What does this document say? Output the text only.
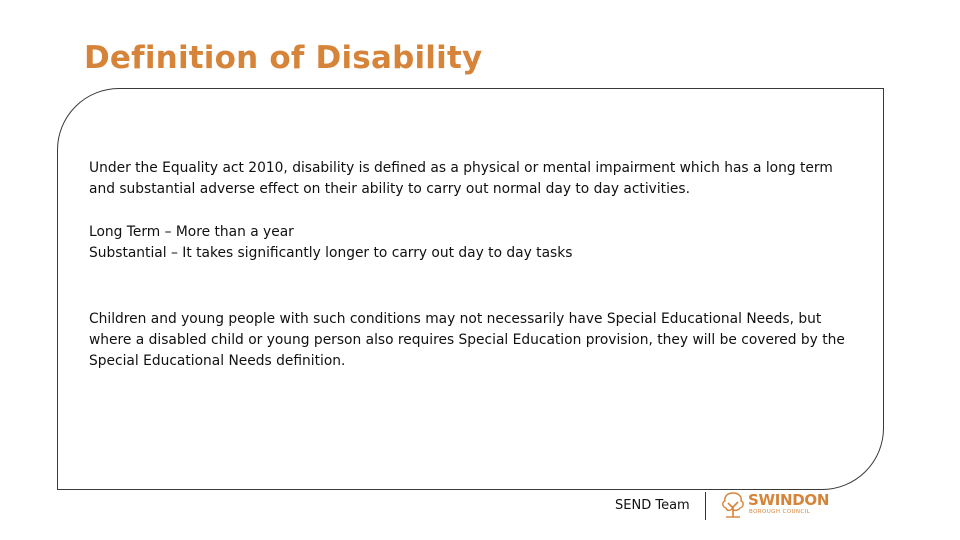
Definition of Disability

Under the Equality act 2010, disability is defined as a physical or mental impairment which has a long term
and substantial adverse effect on their ability to carry out normal day to day activities.

Long Term – More than a year
Substantial – It takes significantly longer to carry out day to day tasks

Children and young people with such conditions may not necessarily have Special Educational Needs, but
where a disabled child or young person also requires Special Education provision, they will be covered by the
Special Educational Needs definition.

SEND Team	SWINDON
BOROUGH COUNCIL
